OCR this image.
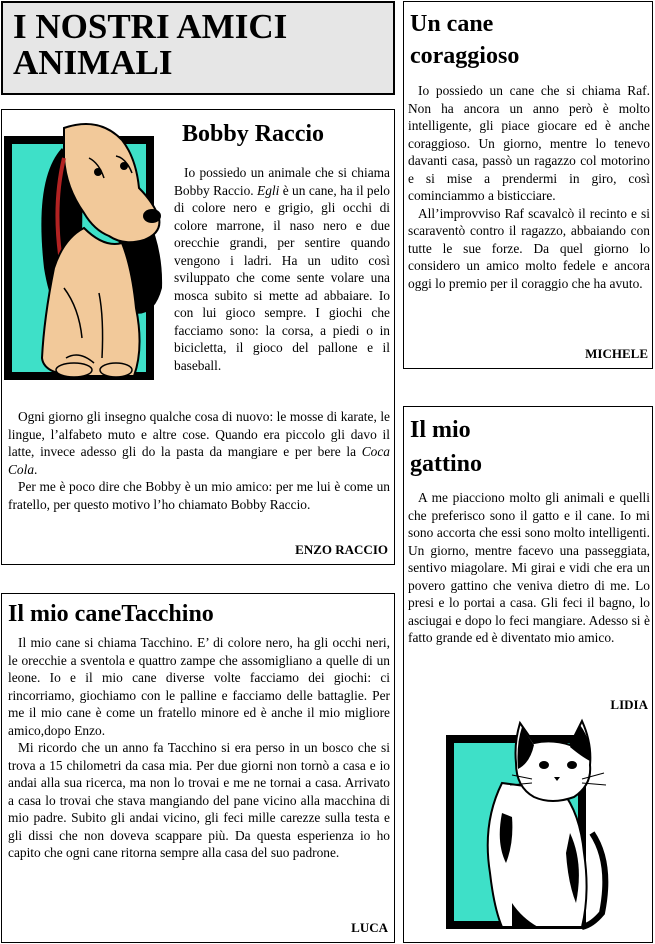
I NOSTRI AMICI
ANIMALI
Bobby Raccio

Io possiedo un animale che si chiama Bobby Raccio. Egli è un cane, ha il pelo di colore nero e grigio, gli occhi di colore marrone, il naso nero e due orecchie grandi, per sentire quando vengono i ladri. Ha un udito così sviluppato che come sente volare una mosca subito si mette ad abbaiare. Io con lui gioco sempre. I giochi che facciamo sono: la corsa, a piedi o in bicicletta, il gioco del pallone e il baseball.

Ogni giorno gli insegno qualche cosa di nuovo: le mosse di karate, le lingue, l’alfabeto muto e altre cose. Quando era piccolo gli davo il latte, invece adesso gli do la pasta da mangiare e per bere la Coca Cola.

Per me è poco dire che Bobby è un mio amico: per me lui è come un fratello, per questo motivo l’ho chiamato Bobby Raccio.

ENZO RACCIO
Il mio caneTacchino

Il mio cane si chiama Tacchino. E’ di colore nero, ha gli occhi neri, le orecchie a sventola e quattro zampe che assomigliano a quelle di un leone. Io e il mio cane diverse volte facciamo dei giochi: ci rincorriamo, giochiamo con le palline e facciamo delle battaglie. Per me il mio cane è come un fratello minore ed è anche il mio migliore amico,dopo Enzo.

Mi ricordo che un anno fa Tacchino si era perso in un bosco che si trova a 15 chilometri da casa mia. Per due giorni non tornò a casa e io andai alla sua ricerca, ma non lo trovai e me ne tornai a casa. Arrivato a casa lo trovai che stava mangiando del pane vicino alla macchina di mio padre. Subito gli andai vicino, gli feci mille carezze sulla testa e gli dissi che non doveva scappare più. Da questa esperienza io ho capito che ogni cane ritorna sempre alla casa del suo padrone.

LUCA
Un cane
coraggioso

Io possiedo un cane che si chiama Raf. Non ha ancora un anno però è molto intelligente, gli piace giocare ed è anche coraggioso. Un giorno, mentre lo tenevo davanti casa, passò un ragazzo col motorino e si mise a prendermi in giro, così cominciammo a bisticciare.

All’improvviso Raf scavalcò il recinto e si scaraventò contro il ragazzo, abbaiando con tutte le sue forze. Da quel giorno lo considero un amico molto fedele e ancora oggi lo premio per il coraggio che ha avuto.

MICHELE
Il mio
gattino

A me piacciono molto gli animali e quelli che preferisco sono il gatto e il cane. Io mi sono accorta che essi sono molto intelligenti. Un giorno, mentre facevo una passeggiata, sentivo miagolare. Mi girai e vidi che era un povero gattino che veniva dietro di me. Lo presi e lo portai a casa. Gli feci il bagno, lo asciugai e dopo lo feci mangiare. Adesso si è fatto grande ed è diventato mio amico.

LIDIA
